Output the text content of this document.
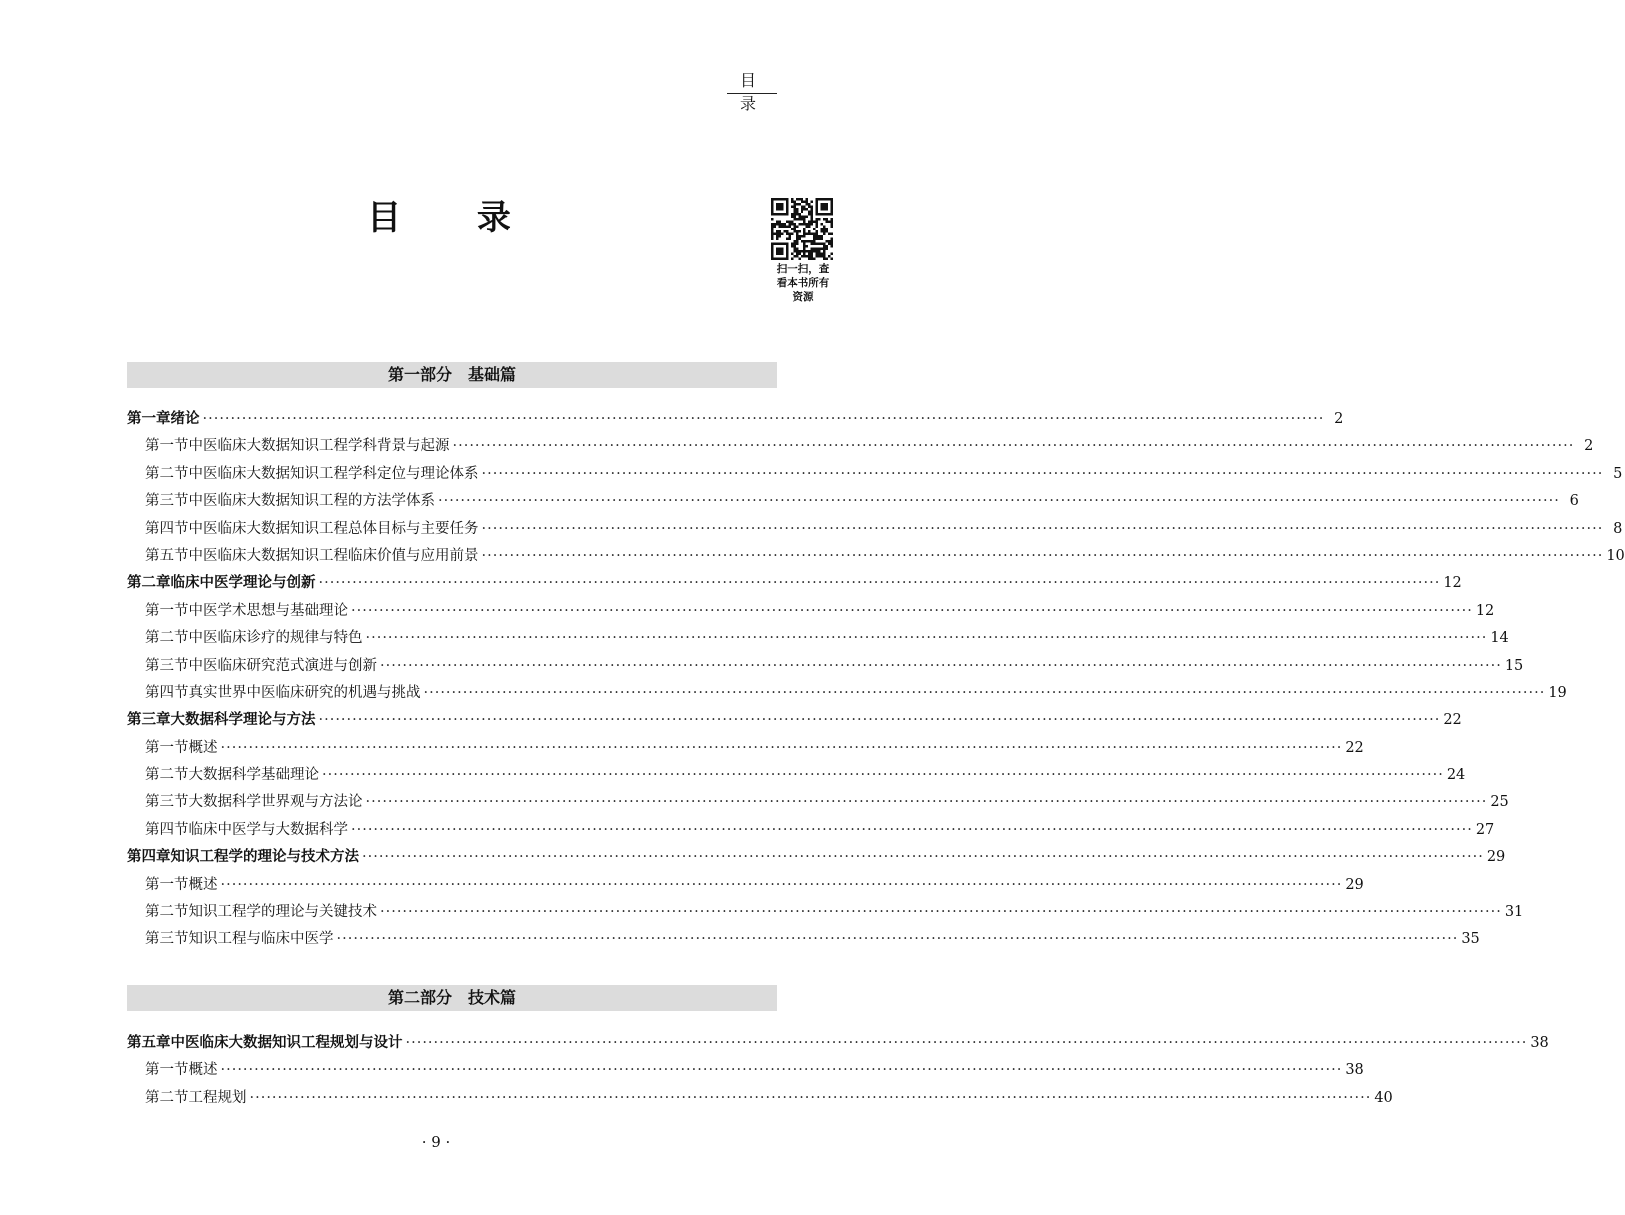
目 录
目 录
扫一扫，查
看本书所有
资源
第一部分　基础篇
第一章 绪论 ········································································································································································································ 2
第一节 中医临床大数据知识工程学科背景与起源 ········································································································································································································ 2
第二节 中医临床大数据知识工程学科定位与理论体系 ········································································································································································································ 5
第三节 中医临床大数据知识工程的方法学体系 ········································································································································································································ 6
第四节 中医临床大数据知识工程总体目标与主要任务 ········································································································································································································ 8
第五节 中医临床大数据知识工程临床价值与应用前景 ········································································································································································································ 10
第二章 临床中医学理论与创新 ········································································································································································································ 12
第一节 中医学术思想与基础理论 ········································································································································································································ 12
第二节 中医临床诊疗的规律与特色 ········································································································································································································ 14
第三节 中医临床研究范式演进与创新 ········································································································································································································ 15
第四节 真实世界中医临床研究的机遇与挑战 ········································································································································································································ 19
第三章 大数据科学理论与方法 ········································································································································································································ 22
第一节 概述 ········································································································································································································ 22
第二节 大数据科学基础理论 ········································································································································································································ 24
第三节 大数据科学世界观与方法论 ········································································································································································································ 25
第四节 临床中医学与大数据科学 ········································································································································································································ 27
第四章 知识工程学的理论与技术方法 ········································································································································································································ 29
第一节 概述 ········································································································································································································ 29
第二节 知识工程学的理论与关键技术 ········································································································································································································ 31
第三节 知识工程与临床中医学 ········································································································································································································ 35
第二部分　技术篇
第五章 中医临床大数据知识工程规划与设计 ········································································································································································································ 38
第一节 概述 ········································································································································································································ 38
第二节 工程规划 ········································································································································································································ 40
· 9 ·
